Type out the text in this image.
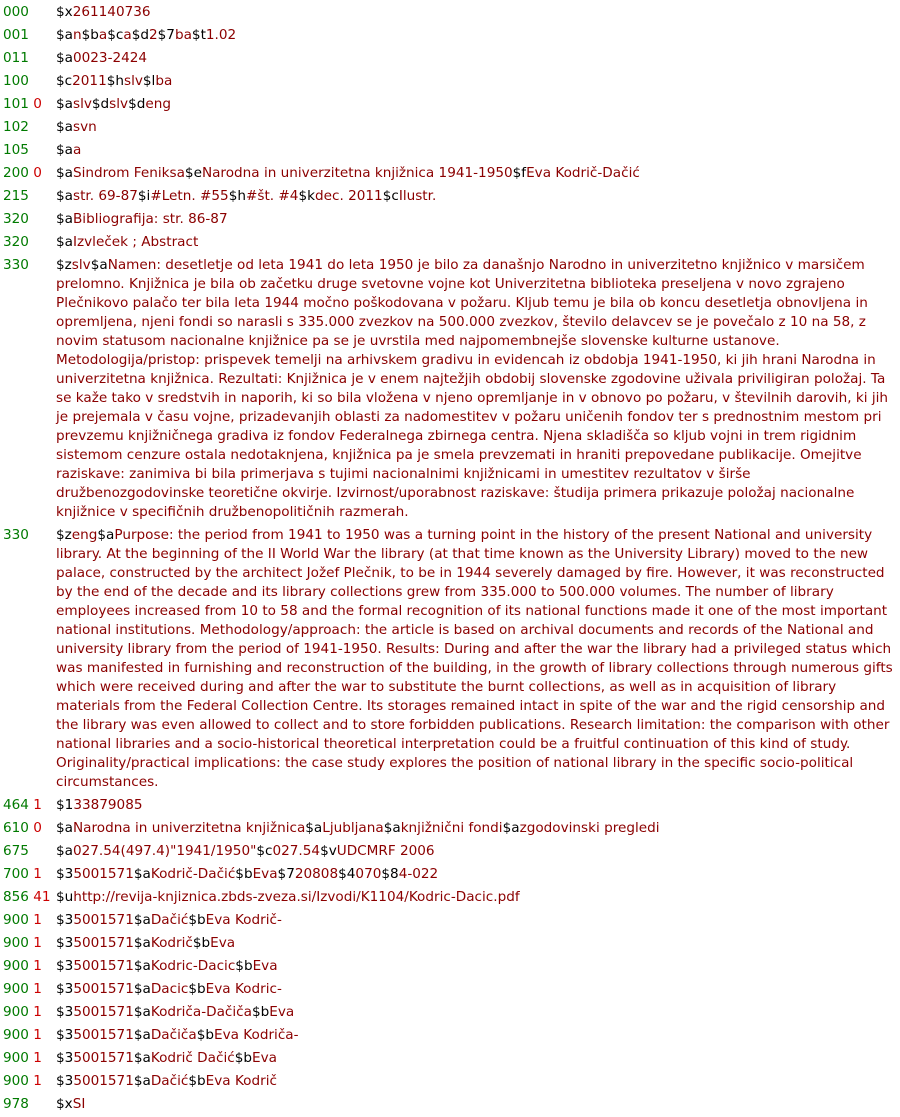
000	$x261140736
001	$an$ba$ca$d2$7ba$t1.02
011	$a0023-2424
100	$c2011$hslv$lba
101 0	$aslv$dslv$deng
102	$asvn
105	$aa
200 0	$aSindrom Feniksa$eNarodna in univerzitetna knjižnica 1941-1950$fEva Kodrič-Dačić
215	$astr. 69-87$i#Letn. #55$h#št. #4$kdec. 2011$cIlustr.
320	$aBibliografija: str. 86-87
320	$aIzvleček ; Abstract
330	$zslv$aNamen: desetletje od leta 1941 do leta 1950 je bilo za današnjo Narodno in univerzitetno knjižnico v marsičem prelomno. Knjižnica je bila ob začetku druge svetovne vojne kot Univerzitetna biblioteka preseljena v novo zgrajeno Plečnikovo palačo ter bila leta 1944 močno poškodovana v požaru. Kljub temu je bila ob koncu desetletja obnovljena in opremljena, njeni fondi so narasli s 335.000 zvezkov na 500.000 zvezkov, število delavcev se je povečalo z 10 na 58, z novim statusom nacionalne knjižnice pa se je uvrstila med najpomembnejše slovenske kulturne ustanove. Metodologija/pristop: prispevek temelji na arhivskem gradivu in evidencah iz obdobja 1941-1950, ki jih hrani Narodna in univerzitetna knjižnica. Rezultati: Knjižnica je v enem najtežjih obdobij slovenske zgodovine uživala priviligiran položaj. Ta se kaže tako v sredstvih in naporih, ki so bila vložena v njeno opremljanje in v obnovo po požaru, v številnih darovih, ki jih je prejemala v času vojne, prizadevanjih oblasti za nadomestitev v požaru uničenih fondov ter s prednostnim mestom pri prevzemu knjižničnega gradiva iz fondov Federalnega zbirnega centra. Njena skladišča so kljub vojni in trem rigidnim sistemom cenzure ostala nedotaknjena, knjižnica pa je smela prevzemati in hraniti prepovedane publikacije. Omejitve raziskave: zanimiva bi bila primerjava s tujimi nacionalnimi knjižnicami in umestitev rezultatov v širše družbenozgodovinske teoretične okvirje. Izvirnost/uporabnost raziskave: študija primera prikazuje položaj nacionalne knjižnice v specifičnih družbenopolitičnih razmerah.
330	$zeng$aPurpose: the period from 1941 to 1950 was a turning point in the history of the present National and university library. At the beginning of the II World War the library (at that time known as the University Library) moved to the new palace, constructed by the architect Jožef Plečnik, to be in 1944 severely damaged by fire. However, it was reconstructed by the end of the decade and its library collections grew from 335.000 to 500.000 volumes. The number of library employees increased from 10 to 58 and the formal recognition of its national functions made it one of the most important national institutions. Methodology/approach: the article is based on archival documents and records of the National and university library from the period of 1941-1950. Results: During and after the war the library had a privileged status which was manifested in furnishing and reconstruction of the building, in the growth of library collections through numerous gifts which were received during and after the war to substitute the burnt collections, as well as in acquisition of library materials from the Federal Collection Centre. Its storages remained intact in spite of the war and the rigid censorship and the library was even allowed to collect and to store forbidden publications. Research limitation: the comparison with other national libraries and a socio-historical theoretical interpretation could be a fruitful continuation of this kind of study. Originality/practical implications: the case study explores the position of national library in the specific socio-political circumstances.
464 1	$133879085
610 0	$aNarodna in univerzitetna knjižnica$aLjubljana$aknjižnični fondi$azgodovinski pregledi
675	$a027.54(497.4)"1941/1950"$c027.54$vUDCMRF 2006
700 1	$35001571$aKodrič-Dačić$bEva$720808$4070$84-022
856 41 $uhttp://revija-knjiznica.zbds-zveza.si/Izvodi/K1104/Kodric-Dacic.pdf
900 1	$35001571$aDačić$bEva Kodrič-
900 1	$35001571$aKodrič$bEva
900 1	$35001571$aKodric-Dacic$bEva
900 1	$35001571$aDacic$bEva Kodric-
900 1	$35001571$aKodriča-Dačiča$bEva
900 1	$35001571$aDačiča$bEva Kodriča-
900 1	$35001571$aKodrič Dačić$bEva
900 1	$35001571$aDačić$bEva Kodrič
978	$xSI
